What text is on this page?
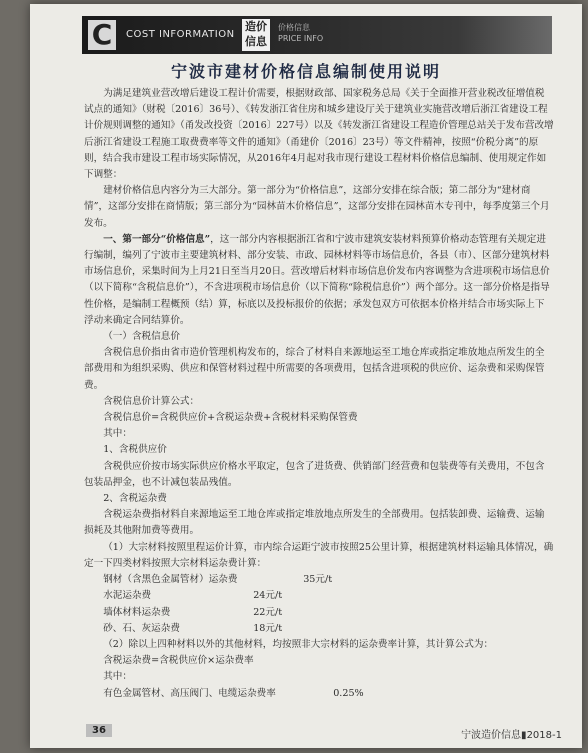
C	COST INFORMATION
造价
信息
价格信息
PRICE INFO
宁波市建材价格信息编制使用说明

为满足建筑业营改增后建设工程计价需要，根据财政部、国家税务总局《关于全面推开营业税改征增值税试点的通知》（财税〔2016〕36号）、《转发浙江省住房和城乡建设厅关于建筑业实施营改增后浙江省建设工程计价规则调整的通知》（甬发改投资〔2016〕227号）以及《转发浙江省建设工程造价管理总站关于发布营改增后浙江省建设工程施工取费费率等文件的通知》（甬建价〔2016〕23号）等文件精神，按照“价税分离”的原则，结合我市建设工程市场实际情况，从2016年4月起对我市现行建设工程材料价格信息编制、使用规定作如下调整：

建材价格信息内容分为三大部分。第一部分为“价格信息”，这部分安排在综合版；第二部分为“建材商情”，这部分安排在商情版；第三部分为“园林苗木价格信息”，这部分安排在园林苗木专刊中，每季度第三个月发布。

一、第一部分“价格信息”，这一部分内容根据浙江省和宁波市建筑安装材料预算价格动态管理有关规定进行编制，编列了宁波市主要建筑材料、部分安装、市政、园林材料等市场信息价，各县（市）、区部分建筑材料市场信息价，采集时间为上月21日至当月20日。营改增后材料市场信息价发布内容调整为含进项税市场信息价（以下简称“含税信息价”），不含进项税市场信息价（以下简称“除税信息价”）两个部分。这一部分价格是指导性价格，是编制工程概预（结）算，标底以及投标报价的依据；承发包双方可依据本价格并结合市场实际上下浮动来确定合同结算价。

（一）含税信息价

含税信息价指由省市造价管理机构发布的，综合了材料自来源地运至工地仓库或指定堆放地点所发生的全部费用和为组织采购、供应和保管材料过程中所需要的各项费用，包括含进项税的供应价、运杂费和采购保管费。

含税信息价计算公式：

含税信息价=含税供应价+含税运杂费+含税材料采购保管费

其中：

1、含税供应价

含税供应价按市场实际供应价格水平取定，包含了进货费、供销部门经营费和包装费等有关费用，不包含包装品押金，也不计减包装品残值。

2、含税运杂费

含税运杂费指材料自来源地运至工地仓库或指定堆放地点所发生的全部费用。包括装卸费、运输费、运输损耗及其他附加费等费用。

（1）大宗材料按照里程运价计算，市内综合运距宁波市按照25公里计算，根据建筑材料运输具体情况，确定一下四类材料按照大宗材料运杂费计算：

钢材（含黑色金属管材）运杂费	35元/t
水泥运杂费	24元/t
墙体材料运杂费	22元/t
砂、石、灰运杂费	18元/t

（2）除以上四种材料以外的其他材料，均按照非大宗材料的运杂费率计算，其计算公式为：

含税运杂费=含税供应价×运杂费率

其中：

有色金属管材、高压阀门、电缆运杂费率	0.25%
36	宁波造价信息▮2018-1
